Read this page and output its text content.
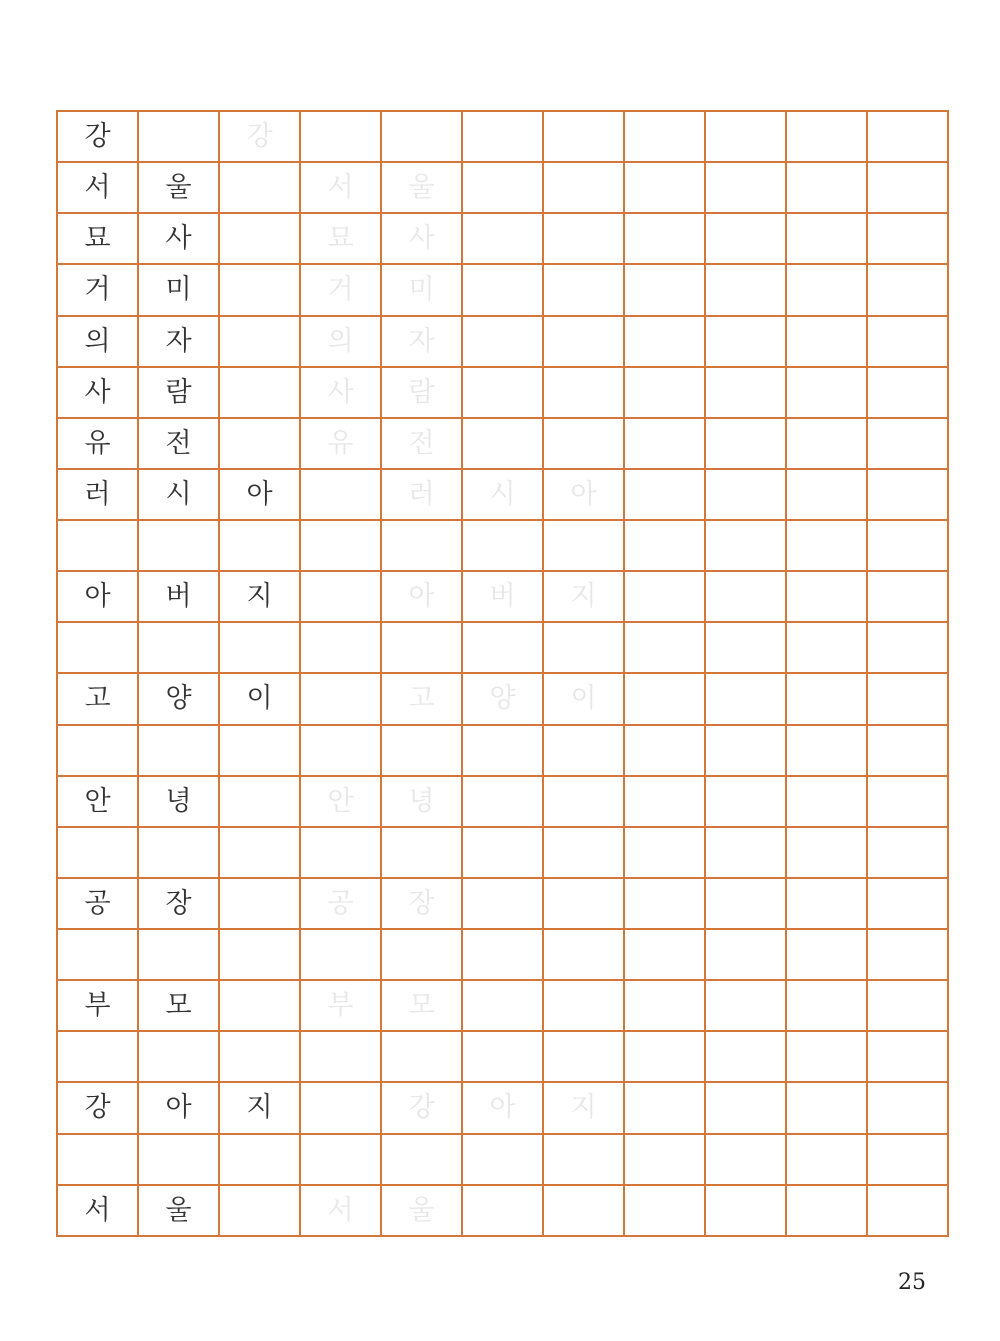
강		강								
서	울		서	울						
묘	사		묘	사						
거	미		거	미						
의	자		의	자						
사	람		사	람						
유	전		유	전						
러	시	아		러	시	아				

아	버	지		아	버	지				

고	양	이		고	양	이				

안	녕		안	녕						

공	장		공	장						

부	모		부	모						

강	아	지		강	아	지				

서	울		서	울						
25
